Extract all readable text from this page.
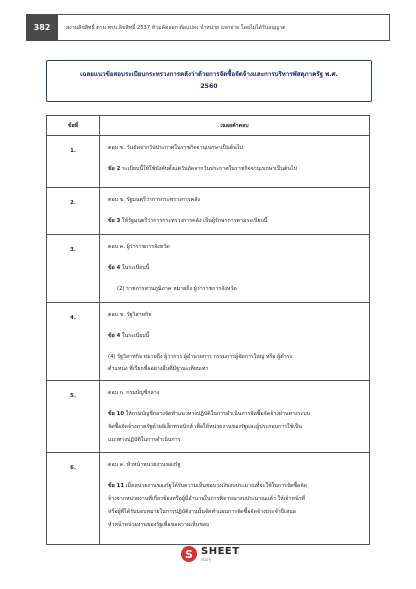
382	สงวนลิขสิทธิ์ ตาม พรบ.ลิขสิทธิ์ 2537 ห้ามคัดลอก ตัดแปลง จำหน่าย แจกจ่าย โดยไม่ได้รับอนุญาต
เฉลยแนวข้อสอบระเบียบกระทรวงการคลังว่าด้วยการจัดซื้อจัดจ้างและการบริหารพัสดุภาครัฐ พ.ศ.
2560
ข้อที่	เฉลยคำตอบ
1.	ตอบ ข. วันถัดจากวันประกาศในราชกิจจานุเบกษาเป็นต้นไป
ข้อ 2 ระเบียบนี้ให้ใช้บังคับตั้งแต่วันถัดจากวันประกาศในราชกิจจานุเบกษาเป็นต้นไป

2.	ตอบ ข. รัฐมนตรีว่าการกระทรวงการคลัง
ข้อ 3 ให้รัฐมนตรีว่าการกระทรวงการคลัง เป็นผู้รักษาการตามระเบียบนี้

3.	ตอบ ค. ผู้ว่าราชการจังหวัด
ข้อ 4 ในระเบียบนี้
(2) ราชการส่วนภูมิภาค หมายถึง ผู้ว่าราชการจังหวัด

4.	ตอบ ข. รัฐวิสาหกิจ
ข้อ 4 ในระเบียบนี้
(4) รัฐวิสาหกิจ หมายถึง ผู้ว่าการ ผู้อำนวยการ กรรมการผู้จัดการใหญ่ หรือ ผู้ดำรง
ตำแหน่ง ที่เรียกชื่ออย่างอื่นที่มีฐานะเทียบเท่า

5.	ตอบ ก. กรมบัญชีกลาง
ข้อ 10 ให้กรมบัญชีกลางจัดทำแนวทางปฏิบัติในการดำเนินการจัดซื้อจัดจ้างผ่านทางระบบ
จัดซื้อจัดจ้างภาครัฐด้วยอิเล็กทรอนิกส์ เพื่อให้หน่วยงานของรัฐและผู้ประกอบการใช้เป็น
แนวทางปฏิบัติในการดำเนินการ

6.	ตอบ ค. หัวหน้าหน่วยงานของรัฐ
ข้อ 11 เมื่อหน่วยงานของรัฐได้รับความเห็นชอบวงเงินงบประมาณที่จะใช้ในการจัดซื้อจัด
จ้างจากหน่วยงานที่เกี่ยวข้องหรือผู้มีอำนาจในการพิจารณางบประมาณแล้ว ให้เจ้าหน้าที่
หรือผู้ที่ได้รับมอบหมายในการปฏิบัติงานนั้นจัดทำแผนการจัดซื้อจัดจ้างประจำปีเสนอ
หัวหน้าหน่วยงานของรัฐเพื่อขอความเห็นชอบ
S SHEET
store
